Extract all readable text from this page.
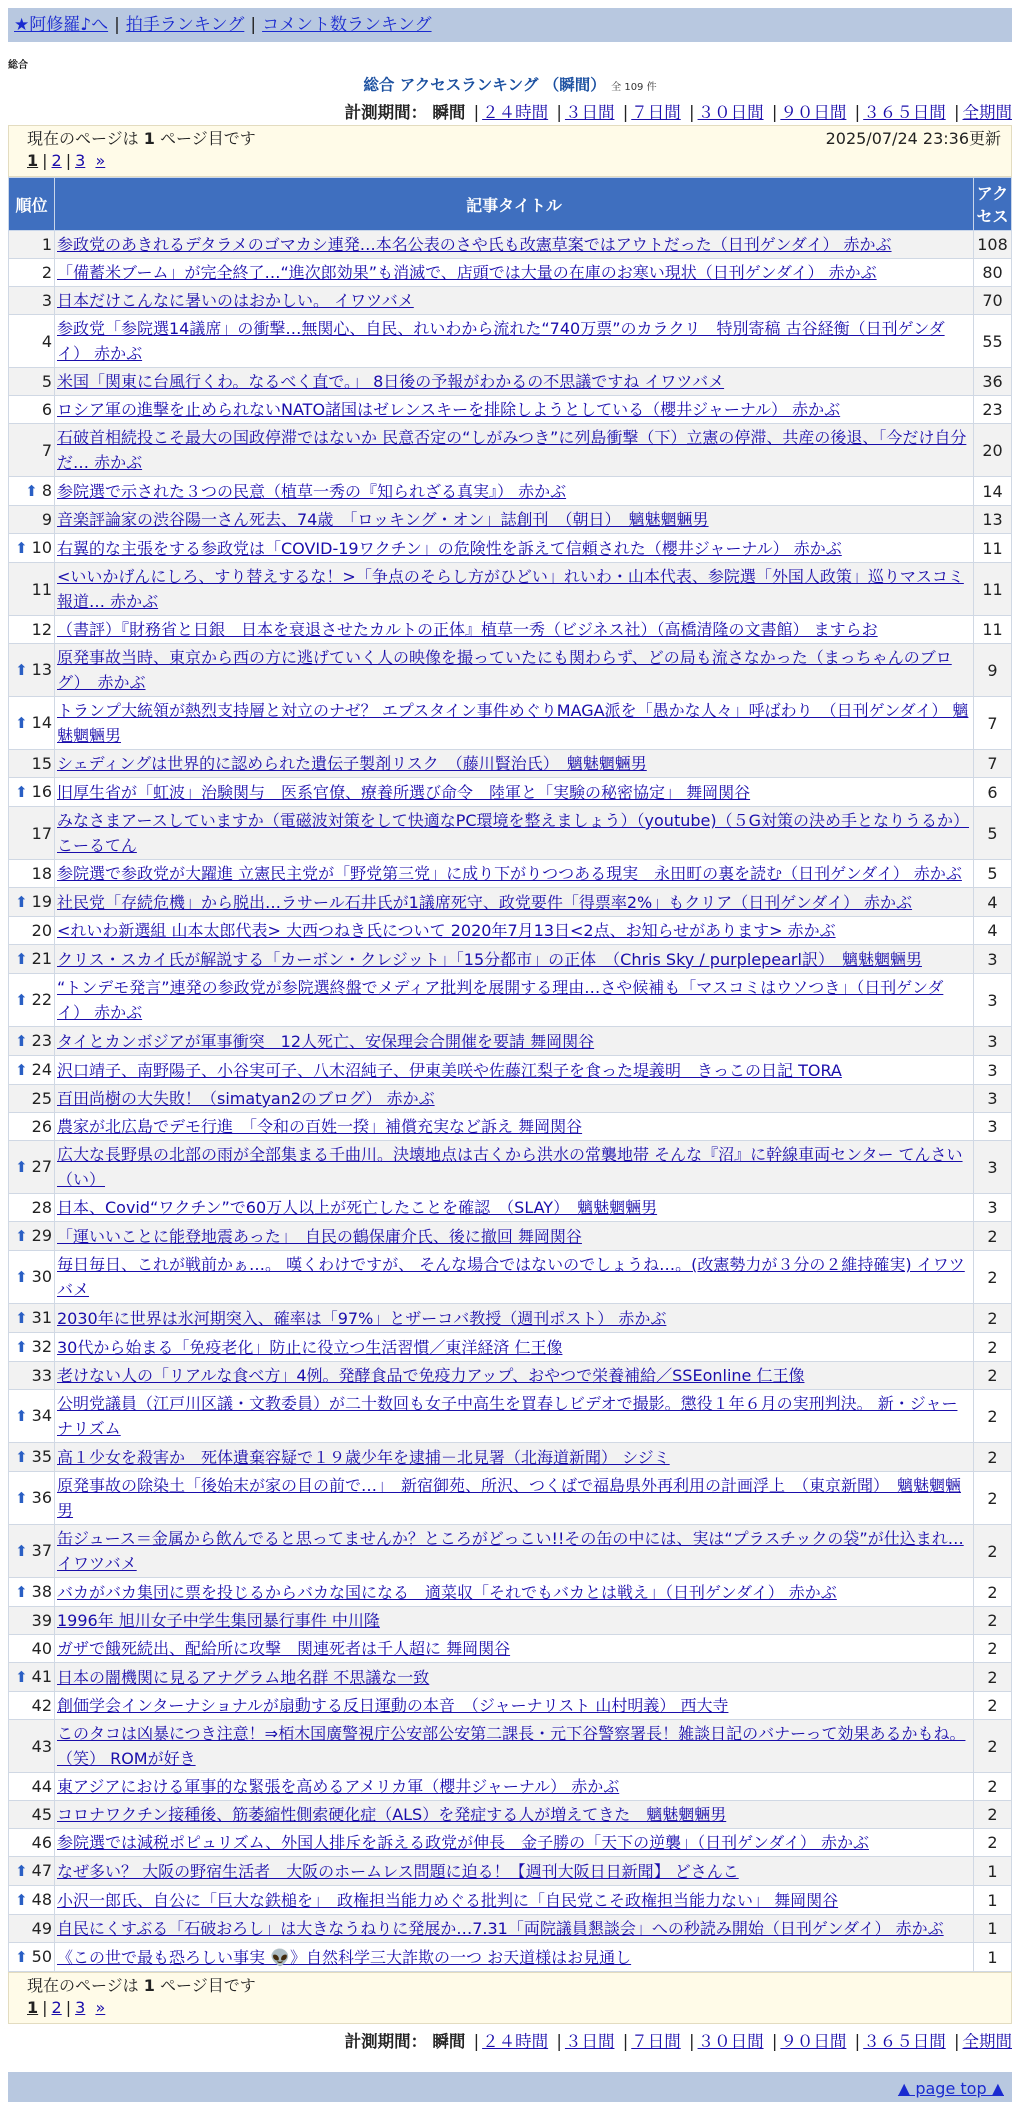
★阿修羅♪へ | 拍手ランキング | コメント数ランキング
総合
総合 アクセスランキング （瞬間） 全 109 件
計測期間： 瞬間 | ２４時間 | ３日間 | ７日間 | ３０日間 | ９０日間 | ３６５日間 | 全期間
現在のページは 1 ページ目です	2025/07/24 23:36更新
1 | 2 | 3 »
順位	記事タイトル	アクセス
1	参政党のあきれるデタラメのゴマカシ連発…本名公表のさや氏も改憲草案ではアウトだった（日刊ゲンダイ） 赤かぶ	108
2	「備蓄米ブーム」が完全終了…“進次郎効果”も消滅で、店頭では大量の在庫のお寒い現状（日刊ゲンダイ） 赤かぶ	80
3	日本だけこんなに暑いのはおかしい。 イワツバメ	70
4	参政党「参院選14議席」の衝撃…無関心、自民、れいわから流れた“740万票”のカラクリ　特別寄稿 古谷経衡（日刊ゲンダイ） 赤かぶ	55
5	米国「関東に台風行くわ。なるべく直で。」 8日後の予報がわかるの不思議ですね イワツバメ	36
6	ロシア軍の進撃を止められないNATO諸国はゼレンスキーを排除しようとしている（櫻井ジャーナル） 赤かぶ	23
7	石破首相続投こそ最大の国政停滞ではないか 民意否定の“しがみつき”に列島衝撃（下）立憲の停滞、共産の後退、「今だけ自分だ… 赤かぶ	20
⬆ 8	参院選で示された３つの民意（植草一秀の『知られざる真実』） 赤かぶ	14
9	音楽評論家の渋谷陽一さん死去、74歳　「ロッキング・オン」誌創刊　（朝日）　魑魅魍魎男	13
⬆ 10	右翼的な主張をする参政党は「COVID-19ワクチン」の危険性を訴えて信頼された（櫻井ジャーナル） 赤かぶ	11
11	<いいかげんにしろ、すり替えするな！>「争点のそらし方がひどい」れいわ・山本代表、参院選「外国人政策」巡りマスコミ報道… 赤かぶ	11
12	（書評）『財務省と日銀　日本を衰退させたカルトの正体』植草一秀（ビジネス社）（高橋清隆の文書館） ますらお	11
⬆ 13	原発事故当時、東京から西の方に逃げていく人の映像を撮っていたにも関わらず、どの局も流さなかった（まっちゃんのブログ）　赤かぶ	9
⬆ 14	トランプ大統領が熱烈支持層と対立のナゼ？ エプスタイン事件めぐりMAGA派を「愚かな人々」呼ばわり　（日刊ゲンダイ） 魑魅魍魎男	7
15	シェディングは世界的に認められた遺伝子製剤リスク　（藤川賢治氏）　魑魅魍魎男	7
⬆ 16	旧厚生省が「虹波」治験関与　医系官僚、療養所選び命令　陸軍と「実験の秘密協定」 舞岡関谷	6
17	みなさまアースしていますか（電磁波対策をして快適なPC環境を整えましょう）（youtube)（５G対策の決め手となりうるか） こーるてん	5
18	参院選で参政党が大躍進 立憲民主党が「野党第三党」に成り下がりつつある現実　永田町の裏を読む（日刊ゲンダイ） 赤かぶ	5
⬆ 19	社民党「存続危機」から脱出…ラサール石井氏が1議席死守、政党要件「得票率2%」もクリア（日刊ゲンダイ） 赤かぶ	4
20	<れいわ新選組 山本太郎代表> 大西つねき氏について 2020年7月13日<2点、お知らせがあります> 赤かぶ	4
⬆ 21	クリス・スカイ氏が解説する「カーボン・クレジット」「15分都市」の正体　（Chris Sky / purplepearl訳）　魑魅魍魎男	3
⬆ 22	“トンデモ発言”連発の参政党が参院選終盤でメディア批判を展開する理由…さや候補も「マスコミはウソつき」（日刊ゲンダイ） 赤かぶ	3
⬆ 23	タイとカンボジアが軍事衝突　12人死亡、安保理会合開催を要請 舞岡関谷	3
⬆ 24	沢口靖子、南野陽子、小谷実可子、八木沼純子、伊東美咲や佐藤江梨子を食った堤義明　きっこの日記 TORA	3
25	百田尚樹の大失敗！（simatyan2のブログ） 赤かぶ	3
26	農家が北広島でデモ行進　「令和の百姓一揆」補償充実など訴え 舞岡関谷	3
⬆ 27	広大な長野県の北部の雨が全部集まる千曲川。決壊地点は古くから洪水の常襲地帯 そんな『沼』に幹線車両センター てんさい（い）	3
28	日本、Covid“ワクチン”で60万人以上が死亡したことを確認　（SLAY）　魑魅魍魎男	3
⬆ 29	「運いいことに能登地震あった」　自民の鶴保庸介氏、後に撤回 舞岡関谷	2
⬆ 30	毎日毎日、これが戦前かぁ…。 嘆くわけですが、 そんな場合ではないのでしょうね…。(改憲勢力が３分の２維持確実) イワツバメ	2
⬆ 31	2030年に世界は氷河期突入、確率は「97%」とザーコバ教授（週刊ポスト） 赤かぶ	2
⬆ 32	30代から始まる「免疫老化」防止に役立つ生活習慣／東洋経済 仁王像	2
33	老けない人の「リアルな食べ方」4例。発酵食品で免疫力アップ、おやつで栄養補給／SSEonline 仁王像	2
⬆ 34	公明党議員（江戸川区議・文教委員）が二十数回も女子中高生を買春しビデオで撮影。懲役１年６月の実刑判決。 新・ジャーナリズム	2
⬆ 35	高１少女を殺害か　死体遺棄容疑で１９歳少年を逮捕－北見署（北海道新聞） シジミ	2
⬆ 36	原発事故の除染土「後始末が家の目の前で…」　新宿御苑、所沢、つくばで福島県外再利用の計画浮上　（東京新聞）　魑魅魍魎男	2
⬆ 37	缶ジュース＝金属から飲んでると思ってませんか？ところがどっこい!!その缶の中には、実は“プラスチックの袋”が仕込まれ… イワツバメ	2
⬆ 38	バカがバカ集団に票を投じるからバカな国になる　適菜収「それでもバカとは戦え」（日刊ゲンダイ） 赤かぶ	2
39	1996年 旭川女子中学生集団暴行事件 中川隆	2
40	ガザで餓死続出、配給所に攻撃　関連死者は千人超に 舞岡関谷	2
⬆ 41	日本の闇機関に見るアナグラム地名群 不思議な一致	2
42	創価学会インターナショナルが扇動する反日運動の本音　（ジャーナリスト 山村明義） 西大寺	2
43	このタコは凶暴につき注意！⇒栢木国廣警視庁公安部公安第二課長・元下谷警察署長！雑談日記のバナーって効果あるかもね。（笑） ROMが好き	2
44	東アジアにおける軍事的な緊張を高めるアメリカ軍（櫻井ジャーナル） 赤かぶ	2
45	コロナワクチン接種後、筋萎縮性側索硬化症（ALS）を発症する人が増えてきた　魑魅魍魎男	2
46	参院選では減税ポピュリズム、外国人排斥を訴える政党が伸長　金子勝の「天下の逆襲」（日刊ゲンダイ） 赤かぶ	2
⬆ 47	なぜ多い？ 大阪の野宿生活者　大阪のホームレス問題に迫る！【週刊大阪日日新聞】 どさんこ	1
⬆ 48	小沢一郎氏、自公に「巨大な鉄槌を」　政権担当能力めぐる批判に「自民党こそ政権担当能力ない」 舞岡関谷	1
49	自民にくすぶる「石破おろし」は大きなうねりに発展か…7.31「両院議員懇談会」への秒読み開始（日刊ゲンダイ） 赤かぶ	1
⬆ 50	《この世で最も恐ろしい事実 👽》自然科学三大詐欺の一つ お天道様はお見通し	1
現在のページは 1 ページ目です
1 | 2 | 3 »
計測期間： 瞬間 | ２４時間 | ３日間 | ７日間 | ３０日間 | ９０日間 | ３６５日間 | 全期間
▲ page top ▲
